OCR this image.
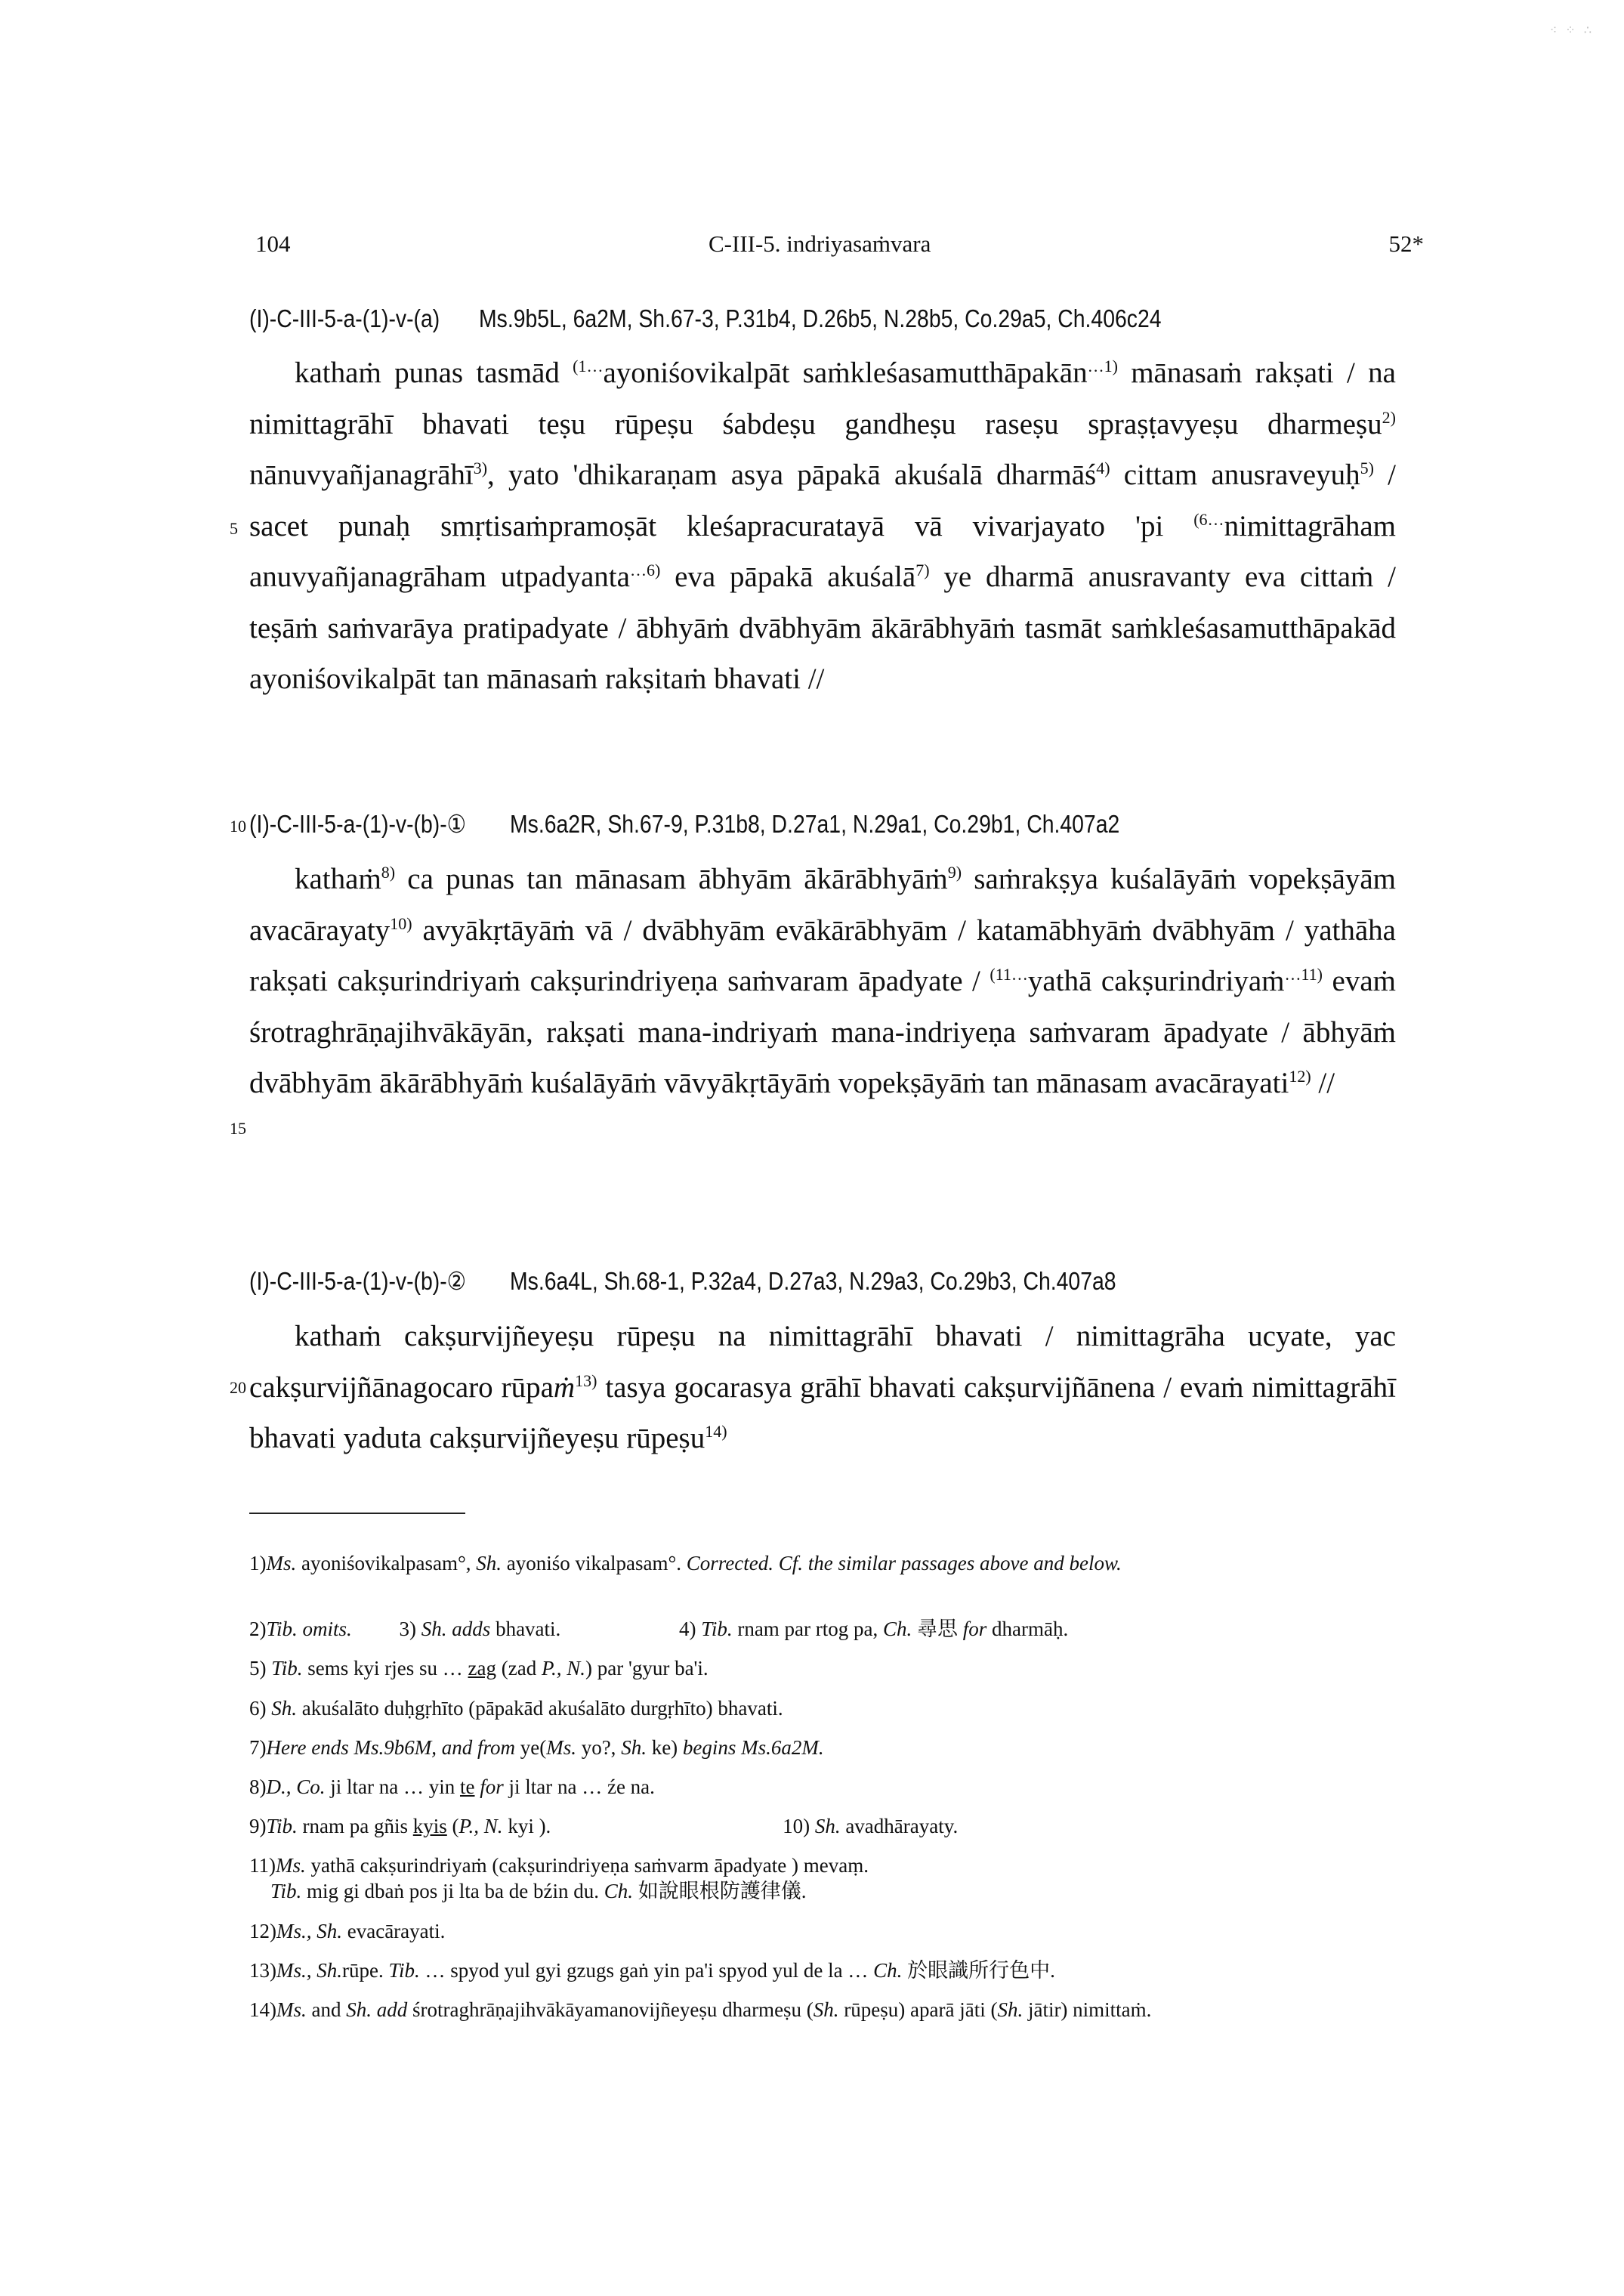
⁖ ⁘ ∴
104	C-III-5. indriyasaṁvara	52*
(I)-C-III-5-a-(1)-v-(a) Ms.9b5L, 6a2M, Sh.67-3, P.31b4, D.26b5, N.28b5, Co.29a5, Ch.406c24

kathaṁ punas tasmād $^{(1\dots}$ayoniśovikalpāt saṁkleśasamutthāpakān$^{\dots 1)}$ mānasaṁ rakṣati / na nimittagrāhī bhavati teṣu rūpeṣu śabdeṣu gandheṣu raseṣu spraṣṭavyeṣu dharmeṣu$^{2)}$ nānuvyañjanagrāhī$^{3)}$, yato 'dhikaraṇam asya pāpakā akuśalā dharmāś$^{4)}$ cittam anusraveyuḥ$^{5)}$ / sacet punaḥ smṛtisaṁpramoṣāt kleśapracuratayā vā vivarjayato 'pi $^{(6\dots}$nimittagrāham anuvyañjanagrāham utpadyanta$^{\dots 6)}$ eva pāpakā akuśalā$^{7)}$ ye dharmā anusravanty eva cittaṁ / teṣāṁ saṁvarāya pratipadyate / ābhyāṁ dvābhyām ākārābhyāṁ tasmāt saṁkleśasamutthāpakād ayoniśovikalpāt tan mānasaṁ rakṣitaṁ bhavati //

5
10 (I)-C-III-5-a-(1)-v-(b)-① Ms.6a2R, Sh.67-9, P.31b8, D.27a1, N.29a1, Co.29b1, Ch.407a2

kathaṁ$^{8)}$ ca punas tan mānasam ābhyām ākārābhyāṁ$^{9)}$ saṁrakṣya kuśalāyāṁ vopekṣāyām avacārayaty$^{10)}$ avyākṛtāyāṁ vā / dvābhyām evākārābhyām / katamābhyāṁ dvābhyām / yathāha rakṣati cakṣurindriyaṁ cakṣurindriyeṇa saṁvaram āpadyate / $^{(11\dots}$yathā cakṣurindriyaṁ$^{\dots 11)}$ evaṁ śrotraghrāṇajihvākāyān, rakṣati mana-indriyaṁ mana-indriyeṇa saṁvaram āpadyate / ābhyāṁ dvābhyām ākārābhyāṁ kuśalāyāṁ vāvyākṛtāyāṁ vopekṣāyāṁ tan mānasam avacārayati$^{12)}$ //

15
(I)-C-III-5-a-(1)-v-(b)-② Ms.6a4L, Sh.68-1, P.32a4, D.27a3, N.29a3, Co.29b3, Ch.407a8

kathaṁ cakṣurvijñeyeṣu rūpeṣu na nimittagrāhī bhavati / nimittagrāha ucyate, yac cakṣurvijñānagocaro rūpaṁ$^{13)}$ tasya gocarasya grāhī bhavati cakṣurvijñānena / evaṁ nimittagrāhī bhavati yaduta cakṣurvijñeyeṣu rūpeṣu$^{14)}$

20
1)Ms. ayoniśovikalpasam°, Sh. ayoniśo vikalpasam°. Corrected. Cf. the similar passages above and below.
2)Tib. omits. 3) Sh. adds bhavati.	4) Tib. rnam par rtog pa, Ch. 尋思 for dharmāḥ.
5) Tib. sems kyi rjes su … zag (zad P., N.) par 'gyur ba'i.
6) Sh. akuśalāto duḥgṛhīto (pāpakād akuśalāto durgṛhīto) bhavati.
7)Here ends Ms.9b6M, and from ye(Ms. yo?, Sh. ke) begins Ms.6a2M.
8)D., Co. ji ltar na … yin te for ji ltar na … źe na.
9)Tib. rnam pa gñis kyis (P., N. kyi ).	10) Sh. avadhārayaty.
11)Ms. yathā cakṣurindriyaṁ (cakṣurindriyeṇa saṁvarm āpadyate ) mevaṃ.
Tib. mig gi dbaṅ pos ji lta ba de bźin du. Ch. 如說眼根防護律儀.
12)Ms., Sh. evacārayati.
13)Ms., Sh.rūpe. Tib. … spyod yul gyi gzugs gaṅ yin pa'i spyod yul de la … Ch. 於眼識所行色中.
14)Ms. and Sh. add śrotraghrāṇajihvākāyamanovijñeyeṣu dharmeṣu (Sh. rūpeṣu) aparā jāti (Sh. jātir) nimittaṁ.
